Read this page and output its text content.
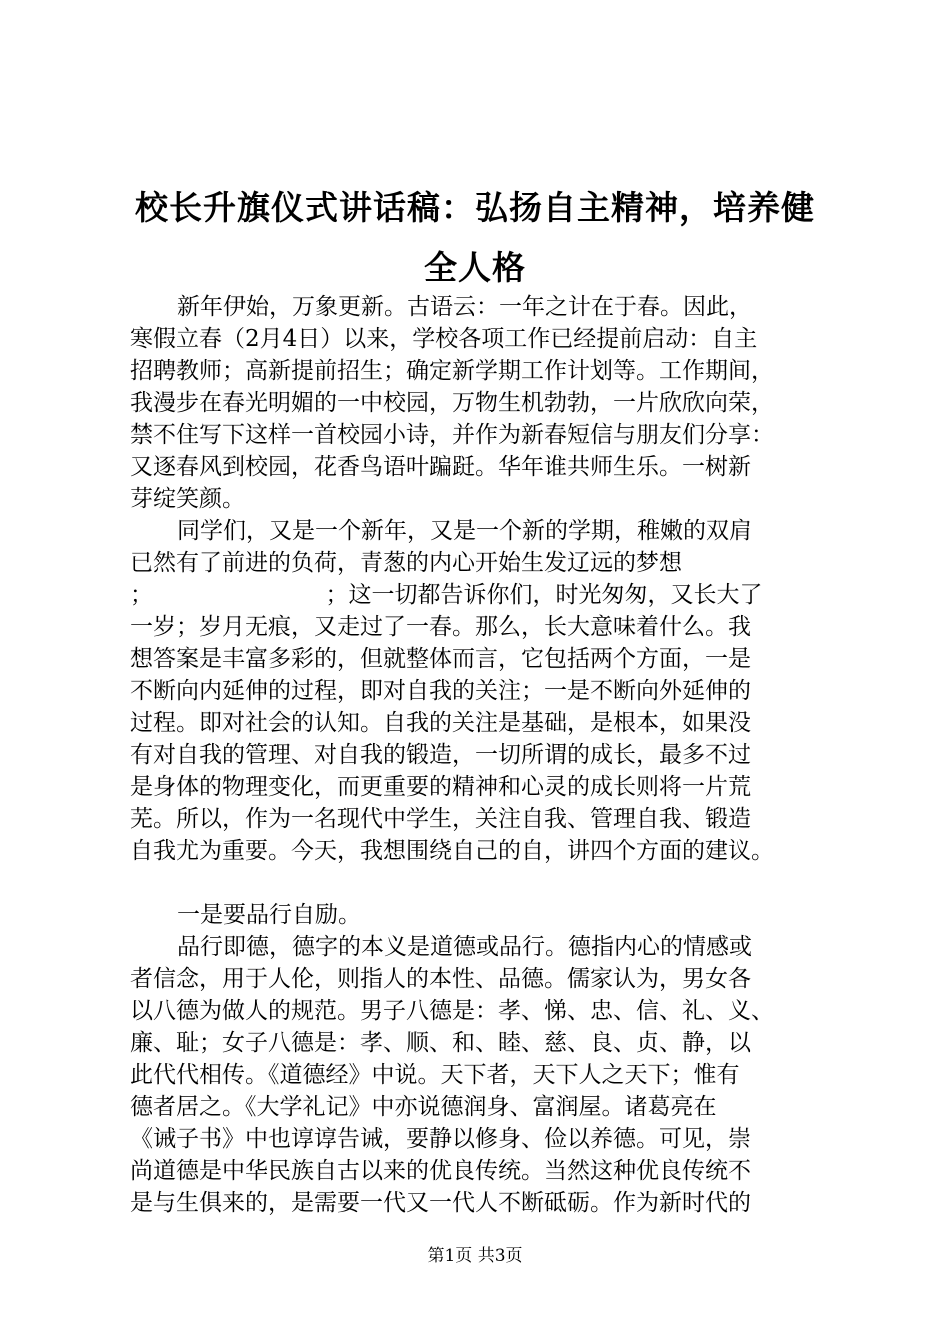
校长升旗仪式讲话稿：弘扬自主精神，培养健
全人格
新年伊始，万象更新。古语云：一年之计在于春。因此，
寒假立春（2月4日）以来，学校各项工作已经提前启动：自主
招聘教师；高新提前招生；确定新学期工作计划等。工作期间，
我漫步在春光明媚的一中校园，万物生机勃勃，一片欣欣向荣，
禁不住写下这样一首校园小诗，并作为新春短信与朋友们分享：
又逐春风到校园，花香鸟语叶蹁跹。华年谁共师生乐。一树新
芽绽笑颜。
同学们，又是一个新年，又是一个新的学期，稚嫩的双肩
已然有了前进的负荷，青葱的内心开始生发辽远的梦想
；　　　　　　　　；这一切都告诉你们，时光匆匆，又长大了
一岁；岁月无痕，又走过了一春。那么，长大意味着什么。我
想答案是丰富多彩的，但就整体而言，它包括两个方面，一是
不断向内延伸的过程，即对自我的关注；一是不断向外延伸的
过程。即对社会的认知。自我的关注是基础，是根本，如果没
有对自我的管理、对自我的锻造，一切所谓的成长，最多不过
是身体的物理变化，而更重要的精神和心灵的成长则将一片荒
芜。所以，作为一名现代中学生，关注自我、管理自我、锻造
自我尤为重要。今天，我想围绕自己的自，讲四个方面的建议。
一是要品行自励。
品行即德，德字的本义是道德或品行。德指内心的情感或
者信念，用于人伦，则指人的本性、品德。儒家认为，男女各
以八德为做人的规范。男子八德是：孝、悌、忠、信、礼、义、
廉、耻；女子八德是：孝、顺、和、睦、慈、良、贞、静，以
此代代相传。《道德经》中说。天下者，天下人之天下；惟有
德者居之。《大学礼记》中亦说德润身、富润屋。诸葛亮在
《诫子书》中也谆谆告诫，要静以修身、俭以养德。可见，崇
尚道德是中华民族自古以来的优良传统。当然这种优良传统不
是与生俱来的，是需要一代又一代人不断砥砺。作为新时代的
第1页 共3页
